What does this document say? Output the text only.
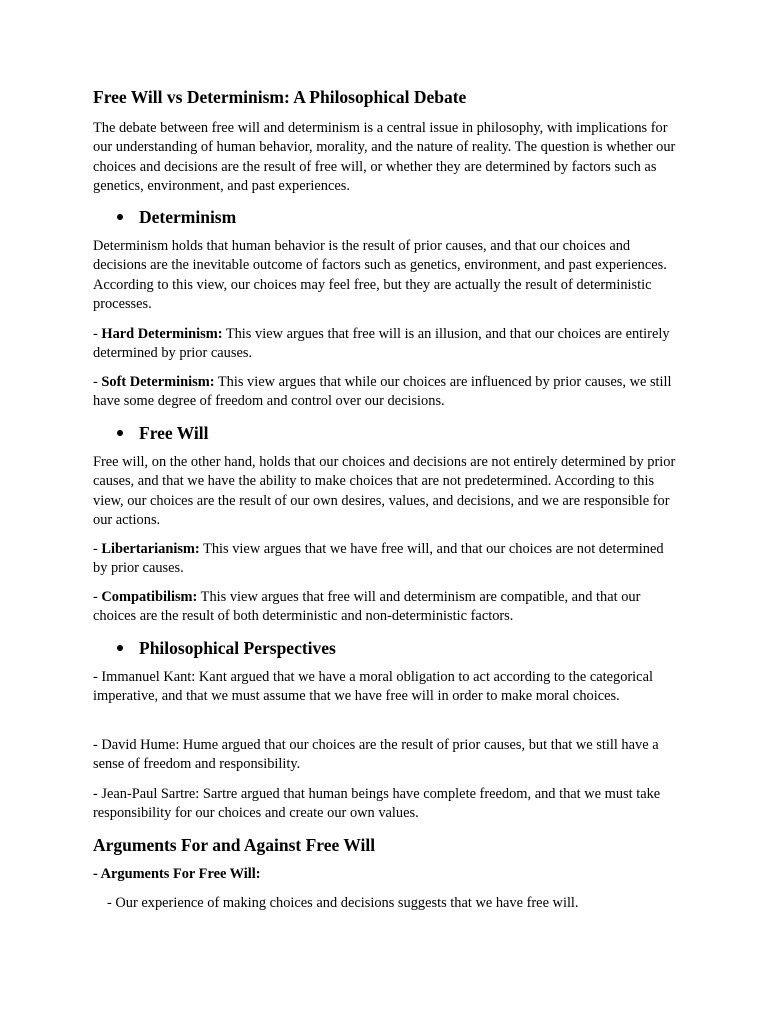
Free Will vs Determinism: A Philosophical Debate

The debate between free will and determinism is a central issue in philosophy, with implications for our understanding of human behavior, morality, and the nature of reality. The question is whether our choices and decisions are the result of free will, or whether they are determined by factors such as genetics, environment, and past experiences.

Determinism

Determinism holds that human behavior is the result of prior causes, and that our choices and decisions are the inevitable outcome of factors such as genetics, environment, and past experiences. According to this view, our choices may feel free, but they are actually the result of deterministic processes.

- Hard Determinism: This view argues that free will is an illusion, and that our choices are entirely determined by prior causes.

- Soft Determinism: This view argues that while our choices are influenced by prior causes, we still have some degree of freedom and control over our decisions.

Free Will

Free will, on the other hand, holds that our choices and decisions are not entirely determined by prior causes, and that we have the ability to make choices that are not predetermined. According to this view, our choices are the result of our own desires, values, and decisions, and we are responsible for our actions.

- Libertarianism: This view argues that we have free will, and that our choices are not determined by prior causes.

- Compatibilism: This view argues that free will and determinism are compatible, and that our choices are the result of both deterministic and non-deterministic factors.

Philosophical Perspectives

- Immanuel Kant: Kant argued that we have a moral obligation to act according to the categorical imperative, and that we must assume that we have free will in order to make moral choices.

- David Hume: Hume argued that our choices are the result of prior causes, but that we still have a sense of freedom and responsibility.

- Jean-Paul Sartre: Sartre argued that human beings have complete freedom, and that we must take responsibility for our choices and create our own values.

Arguments For and Against Free Will

- Arguments For Free Will:

- Our experience of making choices and decisions suggests that we have free will.
